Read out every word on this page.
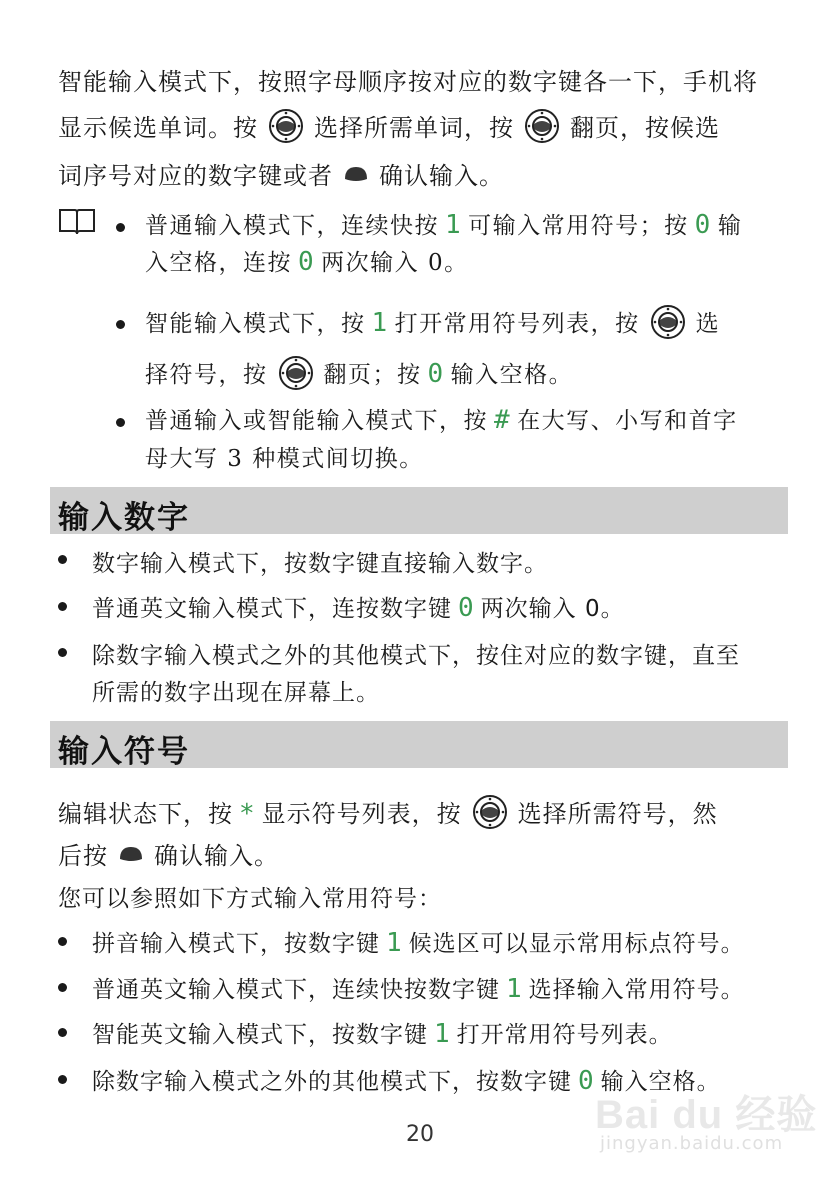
智能输入模式下，按照字母顺序按对应的数字键各一下，手机将
显示候选单词。按 选择所需单词，按 翻页，按候选
词序号对应的数字键或者 确认输入。
普通输入模式下，连续快按 1 可输入常用符号；按 0 输
入空格，连按 0 两次输入 0。
智能输入模式下，按 1 打开常用符号列表，按 选
择符号，按 翻页；按 0 输入空格。
普通输入或智能输入模式下，按 # 在大写、小写和首字
母大写 3 种模式间切换。
输入数字
数字输入模式下，按数字键直接输入数字。
普通英文输入模式下，连按数字键 0 两次输入 0。
除数字输入模式之外的其他模式下，按住对应的数字键，直至
所需的数字出现在屏幕上。
输入符号
编辑状态下，按 * 显示符号列表，按 选择所需符号，然
后按 确认输入。
您可以参照如下方式输入常用符号：
拼音输入模式下，按数字键 1 候选区可以显示常用标点符号。
普通英文输入模式下，连续快按数字键 1 选择输入常用符号。
智能英文输入模式下，按数字键 1 打开常用符号列表。
除数字输入模式之外的其他模式下，按数字键 0 输入空格。
Bai du 经验
jingyan.baidu.com
20
